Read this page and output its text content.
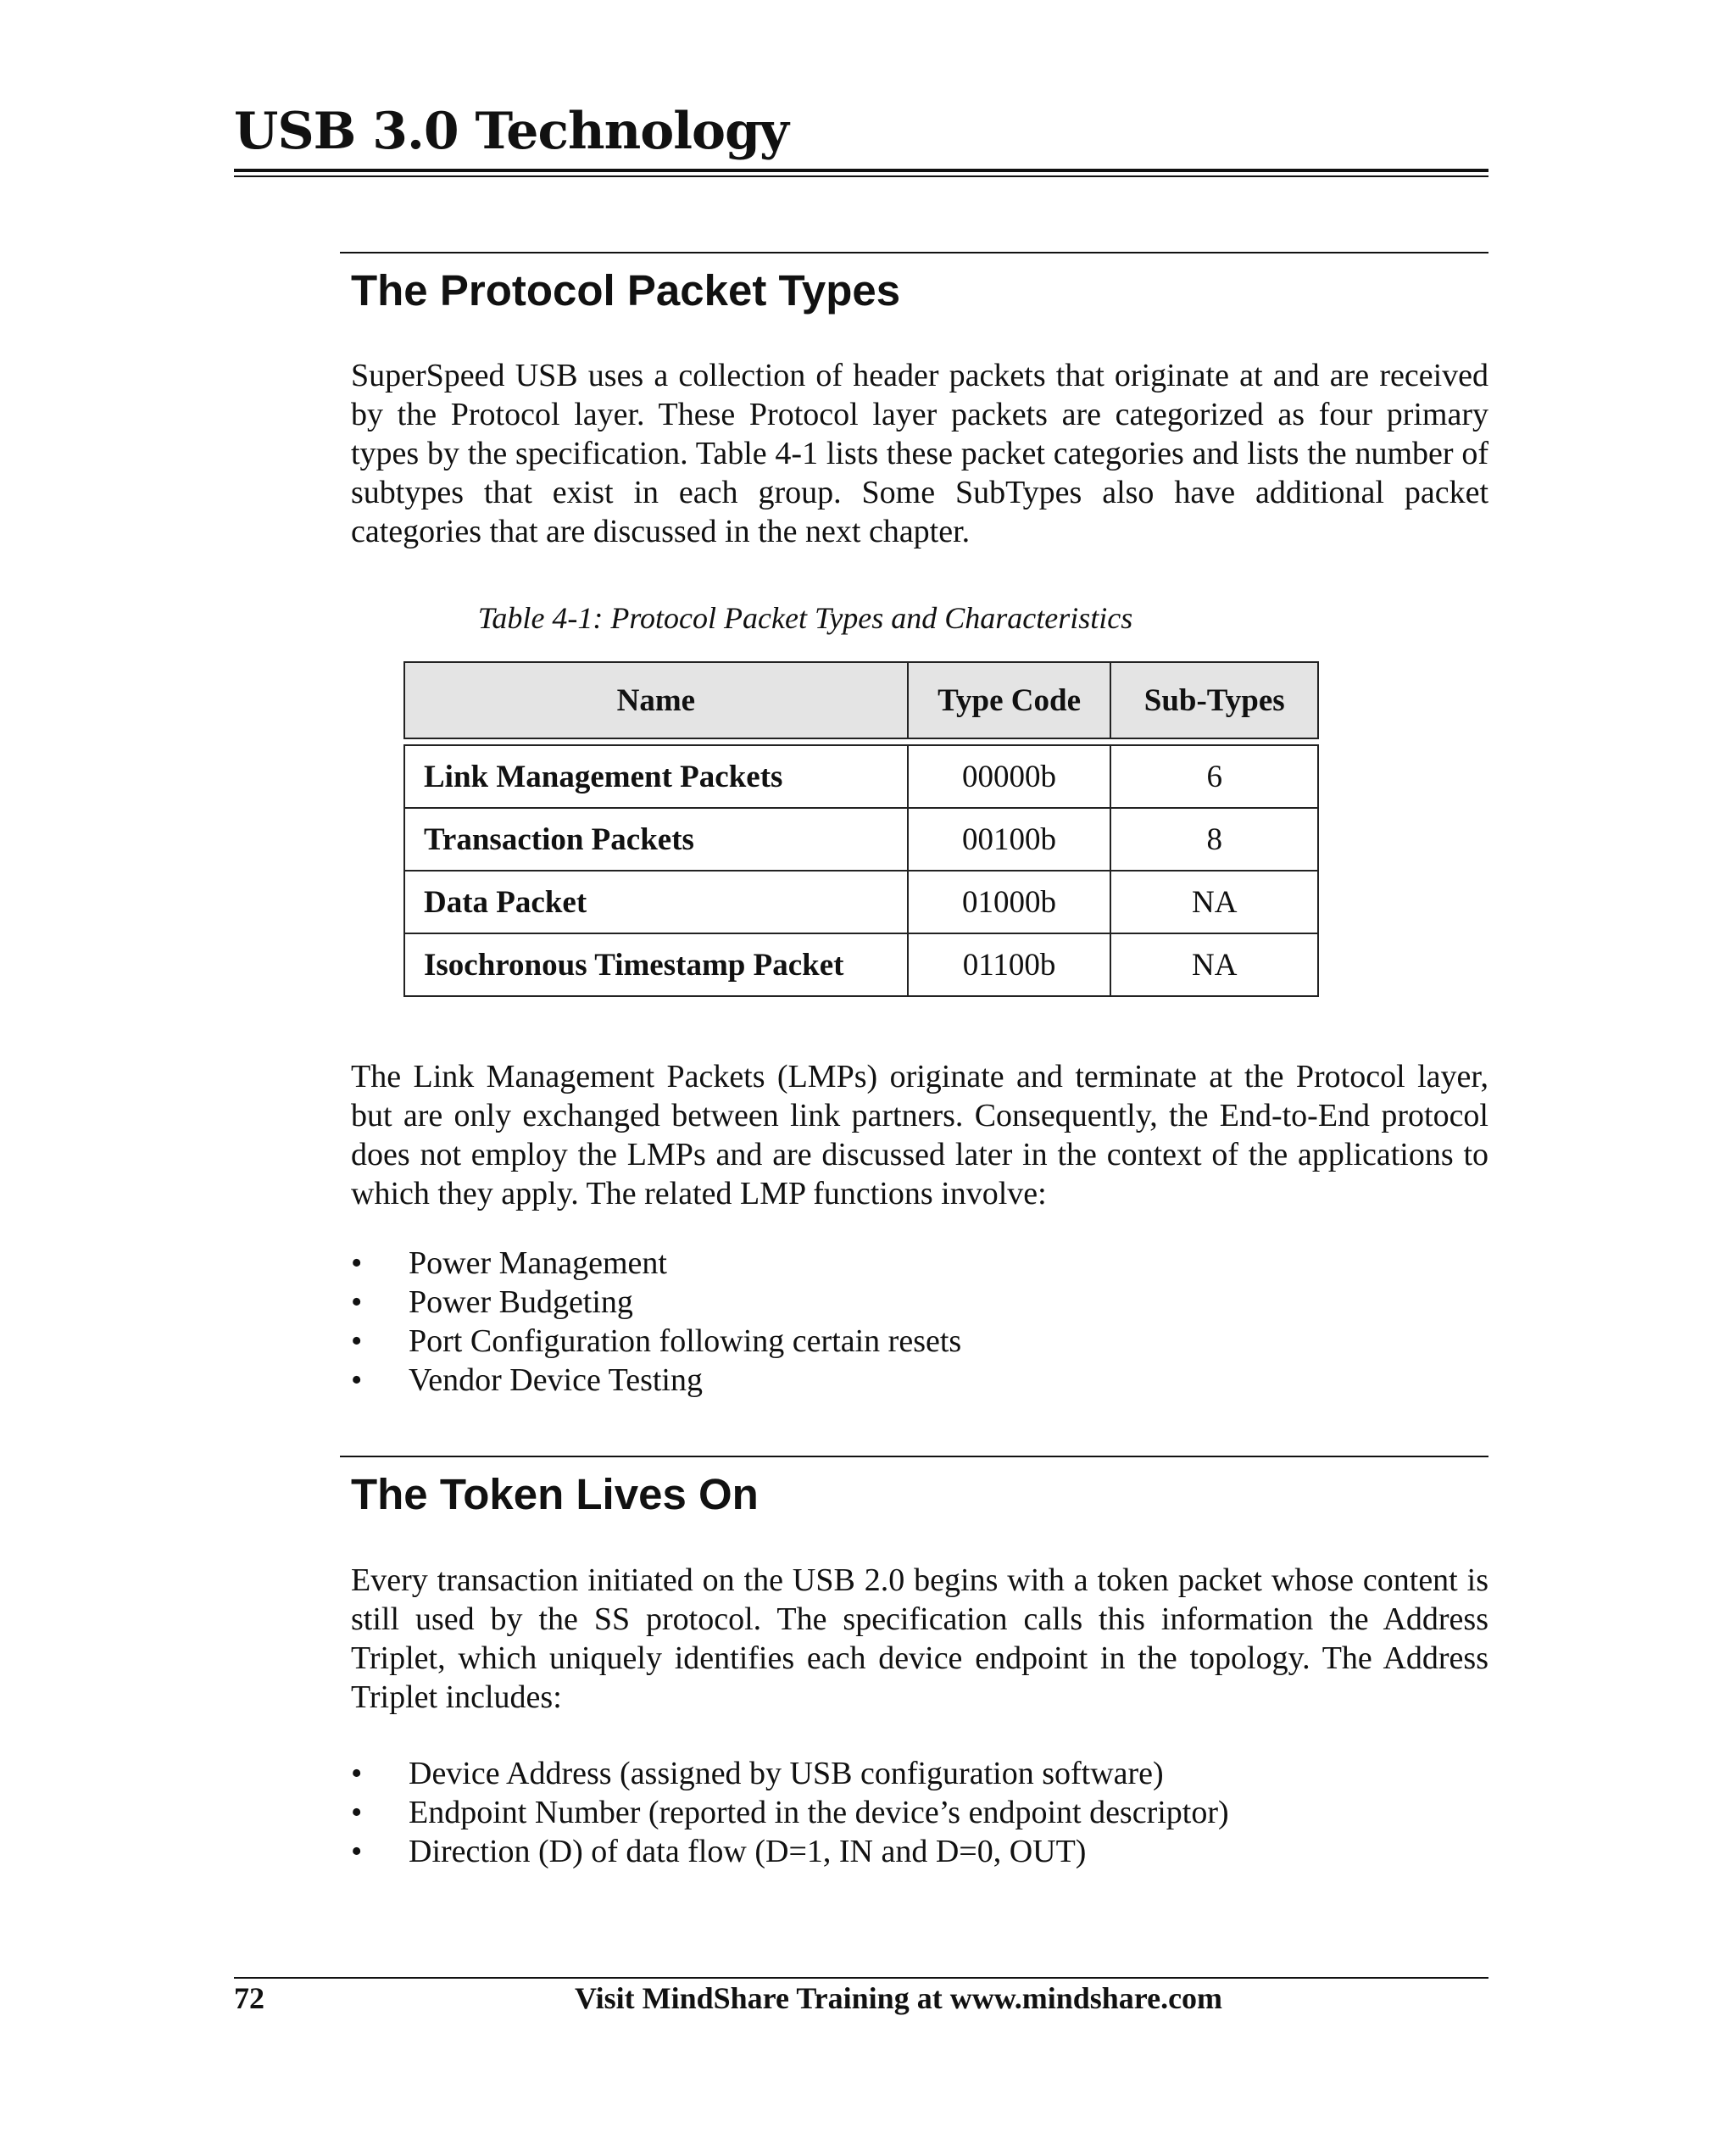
USB 3.0 Technology
The Protocol Packet Types

SuperSpeed USB uses a collection of header packets that originate at and are received by the Protocol layer. These Protocol layer packets are categorized as four primary types by the specification. Table 4-1 lists these packet categories and lists the number of subtypes that exist in each group. Some SubTypes also have additional packet categories that are discussed in the next chapter.

Table 4-1: Protocol Packet Types and Characteristics

Name	Type Code	Sub-Types

Link Management Packets	00000b	6
Transaction Packets	00100b	8
Data Packet	01000b	NA
Isochronous Timestamp Packet	01100b	NA

The Link Management Packets (LMPs) originate and terminate at the Protocol layer, but are only exchanged between link partners. Consequently, the End-to-End protocol does not employ the LMPs and are discussed later in the context of the applications to which they apply. The related LMP functions involve:

• Power Management
• Power Budgeting
• Port Configuration following certain resets
• Vendor Device Testing
The Token Lives On

Every transaction initiated on the USB 2.0 begins with a token packet whose content is still used by the SS protocol. The specification calls this information the Address Triplet, which uniquely identifies each device endpoint in the topology. The Address Triplet includes:

• Device Address (assigned by USB configuration software)
• Endpoint Number (reported in the device’s endpoint descriptor)
• Direction (D) of data flow (D=1, IN and D=0, OUT)

72	Visit MindShare Training at www.mindshare.com
